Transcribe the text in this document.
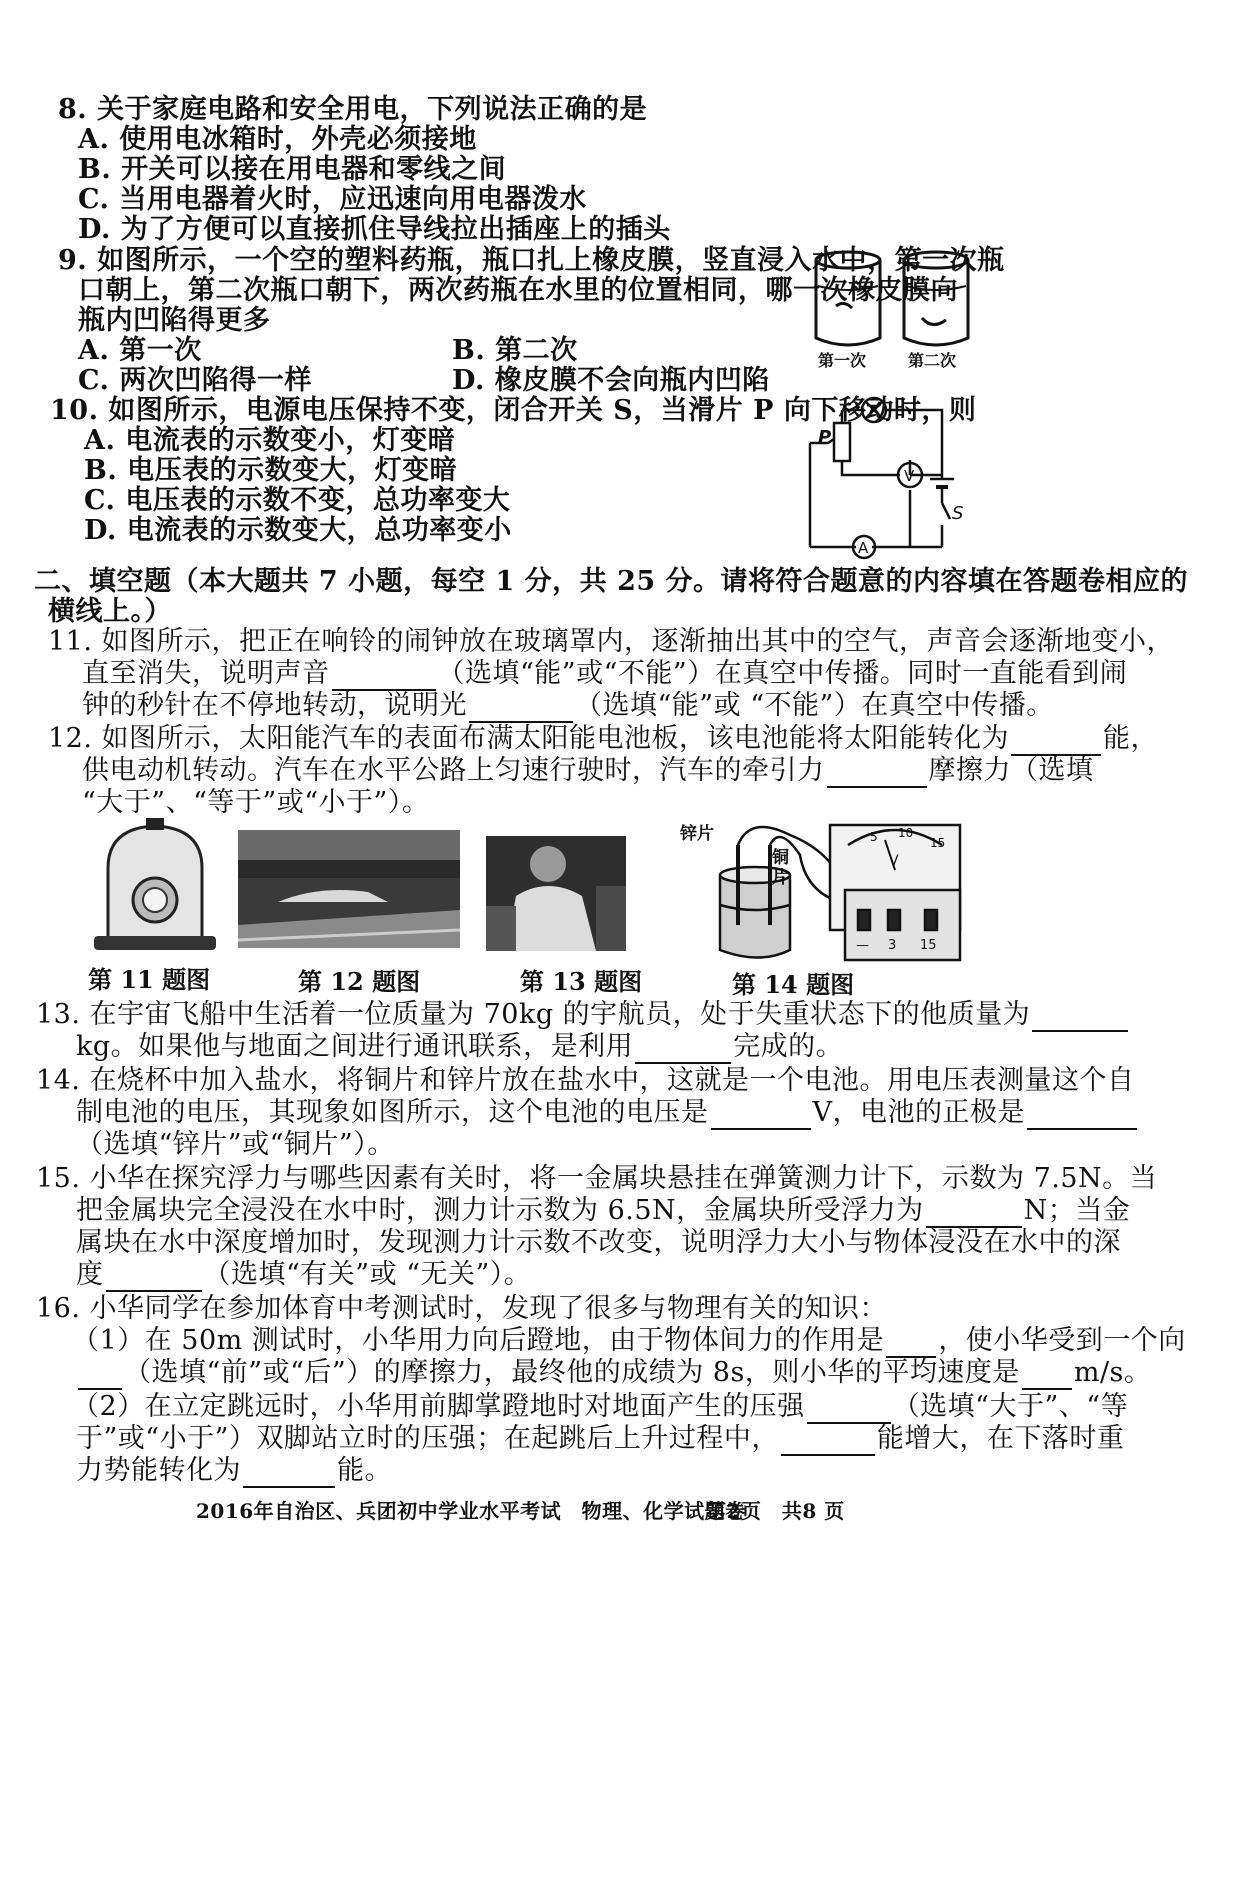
8. 关于家庭电路和安全用电，下列说法正确的是
A. 使用电冰箱时，外壳必须接地
B. 开关可以接在用电器和零线之间
C. 当用电器着火时，应迅速向用电器泼水
D. 为了方便可以直接抓住导线拉出插座上的插头
9. 如图所示，一个空的塑料药瓶，瓶口扎上橡皮膜，竖直浸入水中，第一次瓶
口朝上，第二次瓶口朝下，两次药瓶在水里的位置相同，哪一次橡皮膜向
瓶内凹陷得更多
A. 第一次	B. 第二次
C. 两次凹陷得一样	D. 橡皮膜不会向瓶内凹陷
第一次	第二次
10. 如图所示，电源电压保持不变，闭合开关 S，当滑片 P 向下移动时，则
A. 电流表的示数变小，灯变暗
B. 电压表的示数变大，灯变暗
C. 电压表的示数不变，总功率变大
D. 电流表的示数变大，总功率变小
P
V
A
S
二、填空题（本大题共 7 小题，每空 1 分，共 25 分。请将符合题意的内容填在答题卷相应的
横线上。）
11. 如图所示，把正在响铃的闹钟放在玻璃罩内，逐渐抽出其中的空气，声音会逐渐地变小，
直至消失，说明声音	（选填“能”或“不能”）在真空中传播。同时一直能看到闹
钟的秒针在不停地转动，说明光	（选填“能”或 “不能”）在真空中传播。
12. 如图所示，太阳能汽车的表面布满太阳能电池板，该电池能将太阳能转化为	能，
供电动机转动。汽车在水平公路上匀速行驶时，汽车的牵引力	摩擦力（选填
“大于”、“等于”或“小于”）。
锌片
铜
片
5 10
15
V
— 3 15
第 11 题图	第 12 题图	第 13 题图	第 14 题图
13. 在宇宙飞船中生活着一位质量为 70kg 的宇航员，处于失重状态下的他质量为
kg。如果他与地面之间进行通讯联系，是利用	完成的。
14. 在烧杯中加入盐水，将铜片和锌片放在盐水中，这就是一个电池。用电压表测量这个自
制电池的电压，其现象如图所示，这个电池的电压是	V，电池的正极是
（选填“锌片”或“铜片”）。
15. 小华在探究浮力与哪些因素有关时，将一金属块悬挂在弹簧测力计下，示数为 7.5N。当
把金属块完全浸没在水中时，测力计示数为 6.5N，金属块所受浮力为	N；当金
属块在水中深度增加时，发现测力计示数不改变，说明浮力大小与物体浸没在水中的深
度	（选填“有关”或 “无关”）。
16. 小华同学在参加体育中考测试时，发现了很多与物理有关的知识：
（1）在 50m 测试时，小华用力向后蹬地，由于物体间力的作用是 ，使小华受到一个向
（选填“前”或“后”）的摩擦力，最终他的成绩为 8s，则小华的平均速度是 m/s。
（2）在立定跳远时，小华用前脚掌蹬地时对地面产生的压强	（选填“大于”、“等
于”或“小于”）双脚站立时的压强；在起跳后上升过程中，	能增大，在下落时重
力势能转化为	能。
2016年自治区、兵团初中学业水平考试　物理、化学试题卷
第2页　共8 页
